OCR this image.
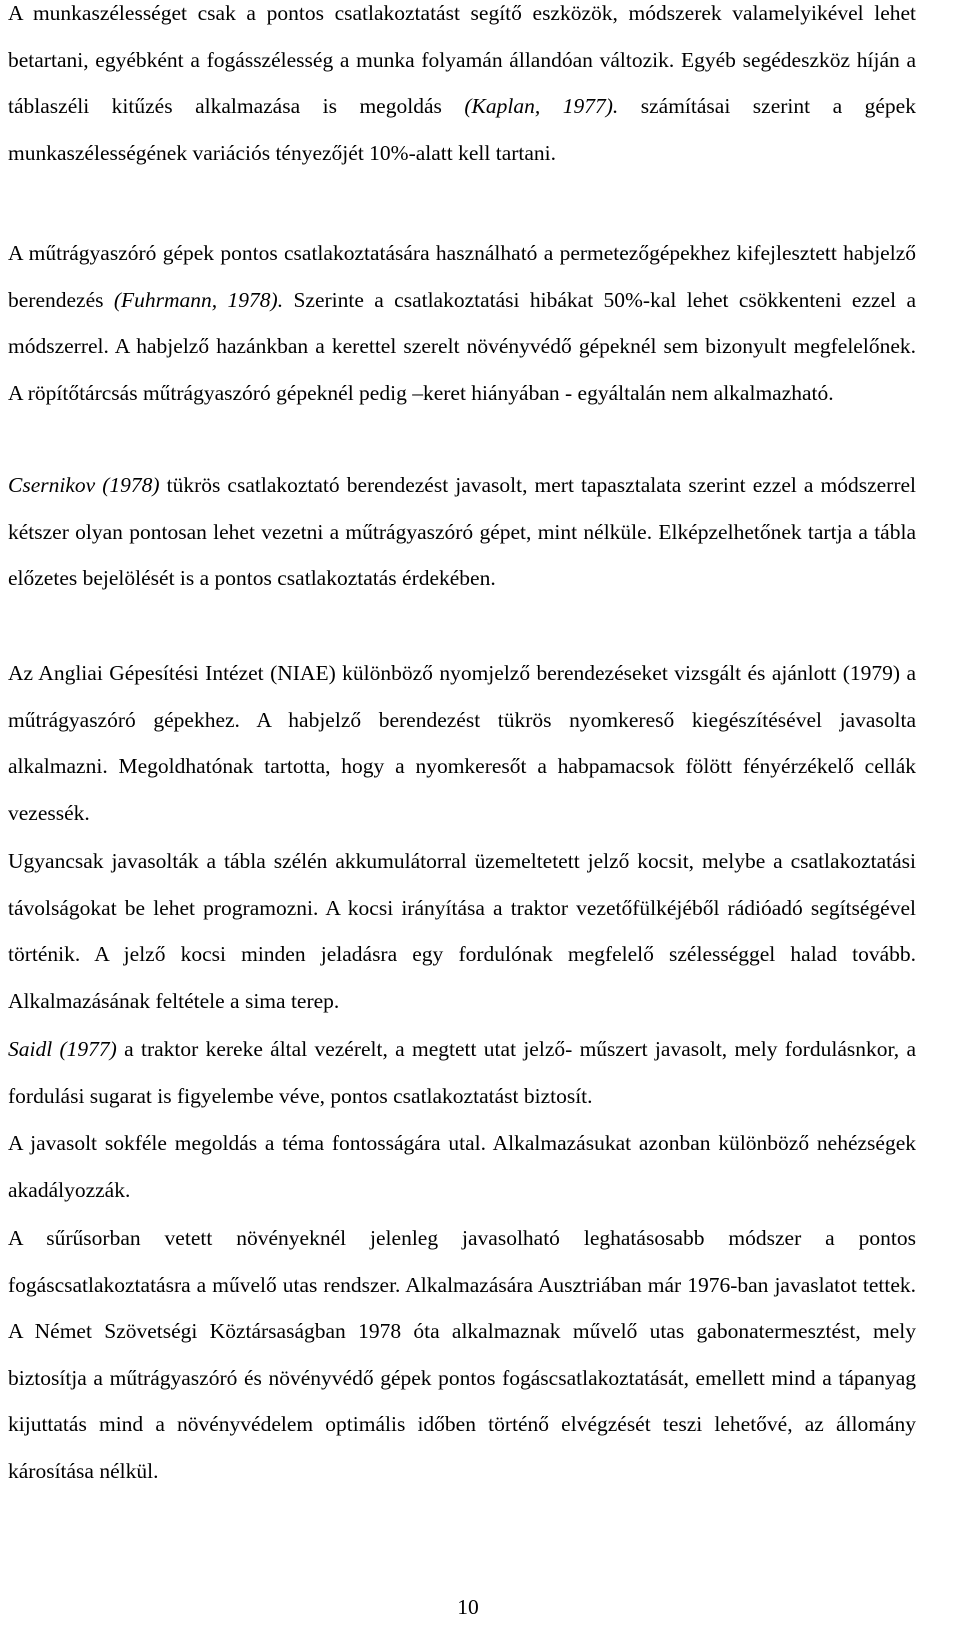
A munkaszélességet csak a pontos csatlakoztatást segítő eszközök, módszerek valamelyikével lehet betartani, egyébként a fogásszélesség a munka folyamán állandóan változik. Egyéb segédeszköz híján a táblaszéli kitűzés alkalmazása is megoldás (Kaplan, 1977). számításai szerint a gépek munkaszélességének variációs tényezőjét 10%-alatt kell tartani.

A műtrágyaszóró gépek pontos csatlakoztatására használható a permetezőgépekhez kifejlesztett habjelző berendezés (Fuhrmann, 1978). Szerinte a csatlakoztatási hibákat 50%-kal lehet csökkenteni ezzel a módszerrel. A habjelző hazánkban a kerettel szerelt növényvédő gépeknél sem bizonyult megfelelőnek. A röpítőtárcsás műtrágyaszóró gépeknél pedig –keret hiányában - egyáltalán nem alkalmazható.

Csernikov (1978) tükrös csatlakoztató berendezést javasolt, mert tapasztalata szerint ezzel a módszerrel kétszer olyan pontosan lehet vezetni a műtrágyaszóró gépet, mint nélküle. Elképzelhetőnek tartja a tábla előzetes bejelölését is a pontos csatlakoztatás érdekében.

Az Angliai Gépesítési Intézet (NIAE) különböző nyomjelző berendezéseket vizsgált és ajánlott (1979) a műtrágyaszóró gépekhez. A habjelző berendezést tükrös nyomkereső kiegészítésével javasolta alkalmazni. Megoldhatónak tartotta, hogy a nyomkeresőt a habpamacsok fölött fényérzékelő cellák vezessék.

Ugyancsak javasolták a tábla szélén akkumulátorral üzemeltetett jelző kocsit, melybe a csatlakoztatási távolságokat be lehet programozni. A kocsi irányítása a traktor vezetőfülkéjéből rádióadó segítségével történik. A jelző kocsi minden jeladásra egy fordulónak megfelelő szélességgel halad tovább. Alkalmazásának feltétele a sima terep.

Saidl (1977) a traktor kereke által vezérelt, a megtett utat jelző- műszert javasolt, mely fordulásnkor, a fordulási sugarat is figyelembe véve, pontos csatlakoztatást biztosít.

A javasolt sokféle megoldás a téma fontosságára utal. Alkalmazásukat azonban különböző nehézségek akadályozzák.

A sűrűsorban vetett növényeknél jelenleg javasolható leghatásosabb módszer a pontos fogáscsatlakoztatásra a művelő utas rendszer. Alkalmazására Ausztriában már 1976-ban javaslatot tettek. A Német Szövetségi Köztársaságban 1978 óta alkalmaznak művelő utas gabonatermesztést, mely biztosítja a műtrágyaszóró és növényvédő gépek pontos fogáscsatlakoztatását, emellett mind a tápanyag kijuttatás mind a növényvédelem optimális időben történő elvégzését teszi lehetővé, az állomány károsítása nélkül.

10
